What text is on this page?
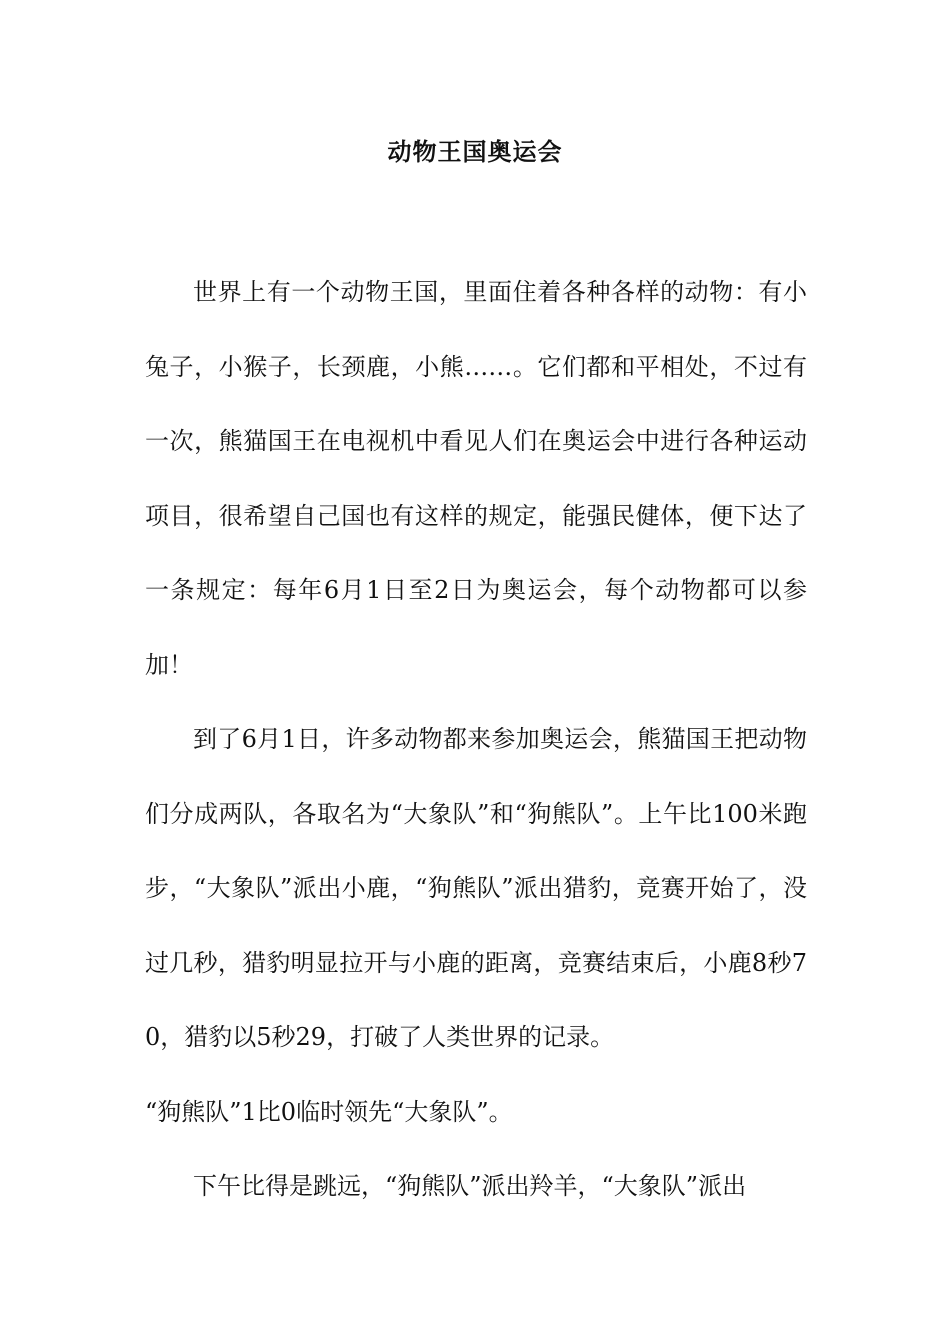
动物王国奥运会

世界上有一个动物王国，里面住着各种各样的动物：有小兔子，小猴子，长颈鹿，小熊……。它们都和平相处，不过有一次，熊猫国王在电视机中看见人们在奥运会中进行各种运动项目，很希望自己国也有这样的规定，能强民健体，便下达了一条规定：每年6月1日至2日为奥运会，每个动物都可以参加！

到了6月1日，许多动物都来参加奥运会，熊猫国王把动物们分成两队，各取名为“大象队”和“狗熊队”。上午比100米跑步，“大象队”派出小鹿，“狗熊队”派出猎豹，竞赛开始了，没过几秒，猎豹明显拉开与小鹿的距离，竞赛结束后，小鹿8秒70，猎豹以5秒29，打破了人类世界的记录。

“狗熊队”1比0临时领先“大象队”。

下午比得是跳远，“狗熊队”派出羚羊，“大象队”派出
